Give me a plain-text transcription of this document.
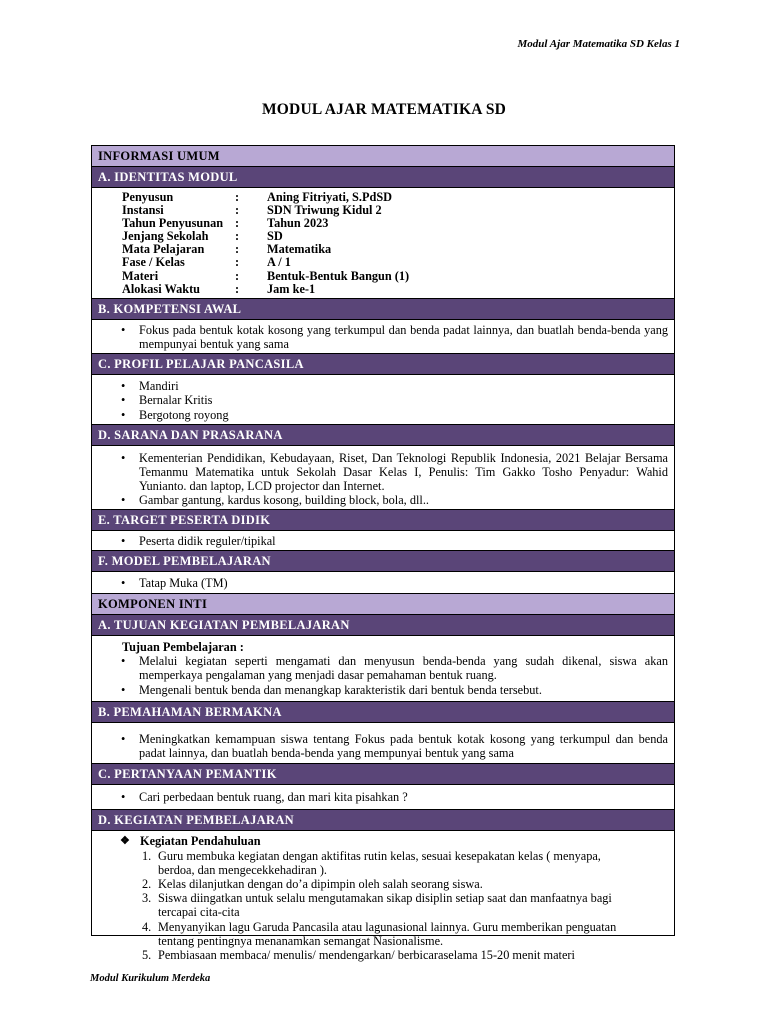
Modul Ajar Matematika SD Kelas 1
MODUL AJAR MATEMATIKA SD
INFORMASI UMUM
A. IDENTITAS MODUL
Penyusun	:	Aning Fitriyati, S.PdSD
Instansi	:	SDN Triwung Kidul 2
Tahun Penyusunan :	Tahun 2023
Jenjang Sekolah	:	SD
Mata Pelajaran	:	Matematika
Fase / Kelas	:	A / 1
Materi	:	Bentuk-Bentuk Bangun (1)
Alokasi Waktu	:	Jam ke-1
B. KOMPETENSI AWAL
• Fokus pada bentuk kotak kosong yang terkumpul dan benda padat lainnya, dan buatlah benda-benda yang mempunyai bentuk yang sama
C. PROFIL PELAJAR PANCASILA
• Mandiri
• Bernalar Kritis
• Bergotong royong
D. SARANA DAN PRASARANA
• Kementerian Pendidikan, Kebudayaan, Riset, Dan Teknologi Republik Indonesia, 2021 Belajar Bersama Temanmu Matematika untuk Sekolah Dasar Kelas I, Penulis: Tim Gakko Tosho Penyadur: Wahid Yunianto. dan laptop, LCD projector dan Internet.
• Gambar gantung, kardus kosong, building block, bola, dll..
E. TARGET PESERTA DIDIK
• Peserta didik reguler/tipikal
F. MODEL PEMBELAJARAN
• Tatap Muka (TM)
KOMPONEN INTI
A. TUJUAN KEGIATAN PEMBELAJARAN
Tujuan Pembelajaran :
• Melalui kegiatan seperti mengamati dan menyusun benda-benda yang sudah dikenal, siswa akan memperkaya pengalaman yang menjadi dasar pemahaman bentuk ruang.
• Mengenali bentuk benda dan menangkap karakteristik dari bentuk benda tersebut.
B. PEMAHAMAN BERMAKNA
• Meningkatkan kemampuan siswa tentang Fokus pada bentuk kotak kosong yang terkumpul dan benda padat lainnya, dan buatlah benda-benda yang mempunyai bentuk yang sama
C. PERTANYAAN PEMANTIK
• Cari perbedaan bentuk ruang, dan mari kita pisahkan ?
D. KEGIATAN PEMBELAJARAN
❖ Kegiatan Pendahuluan
1. Guru membuka kegiatan dengan aktifitas rutin kelas, sesuai kesepakatan kelas ( menyapa, berdoa, dan mengecekkehadiran ).
2. Kelas dilanjutkan dengan do’a dipimpin oleh salah seorang siswa.
3. Siswa diingatkan untuk selalu mengutamakan sikap disiplin setiap saat dan manfaatnya bagi tercapai cita-cita
4. Menyanyikan lagu Garuda Pancasila atau lagunasional lainnya. Guru memberikan penguatan tentang pentingnya menanamkan semangat Nasionalisme.
5. Pembiasaan membaca/ menulis/ mendengarkan/ berbicaraselama 15-20 menit materi
Modul Kurikulum Merdeka
